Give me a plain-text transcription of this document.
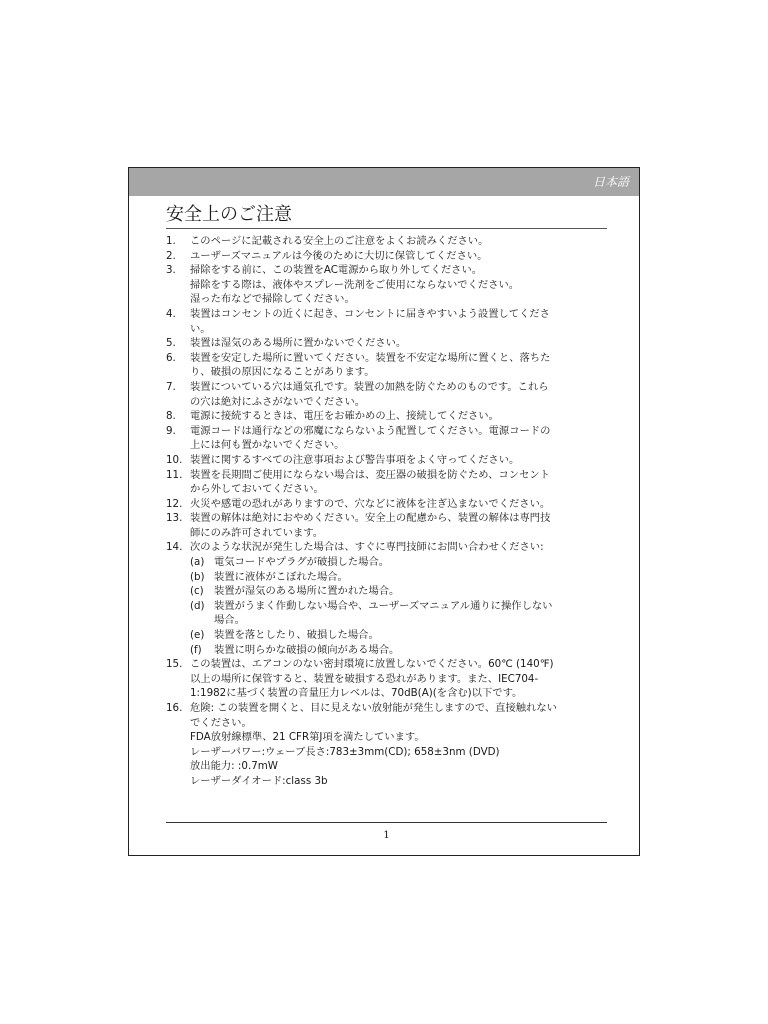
日本語
安全上のご注意
1.	このページに記載される安全上のご注意をよくお読みください。
2.	ユーザーズマニュアルは今後のために大切に保管してください。
3.	掃除をする前に、この装置をAC電源から取り外してください。
掃除をする際は、液体やスプレー洗剤をご使用にならないでください。
湿った布などで掃除してください。
4.	装置はコンセントの近くに起き、コンセントに届きやすいよう設置してくださ
い。
5.	装置は湿気のある場所に置かないでください。
6.	装置を安定した場所に置いてください。装置を不安定な場所に置くと、落ちた
り、破損の原因になることがあります。
7.	装置についている穴は通気孔です。装置の加熱を防ぐためのものです。これら
の穴は絶対にふさがないでください。
8.	電源に接続するときは、電圧をお確かめの上、接続してください。
9.	電源コードは通行などの邪魔にならないよう配置してください。電源コードの
上には何も置かないでください。
10. 装置に関するすべての注意事項および警告事項をよく守ってください。
11. 装置を長期間ご使用にならない場合は、変圧器の破損を防ぐため、コンセント
から外しておいてください。
12. 火災や感電の恐れがありますので、穴などに液体を注ぎ込まないでください。
13. 装置の解体は絶対におやめください。安全上の配慮から、装置の解体は専門技
師にのみ許可されています。
14. 次のような状況が発生した場合は、すぐに専門技師にお問い合わせください:
(a) 電気コードやプラグが破損した場合。
(b) 装置に液体がこぼれた場合。
(c) 装置が湿気のある場所に置かれた場合。
(d) 装置がうまく作動しない場合や、ユーザーズマニュアル通りに操作しない
場合。
(e) 装置を落としたり、破損した場合。
(f)	装置に明らかな破損の傾向がある場合。
15. この装置は、エアコンのない密封環境に放置しないでください。60℃ (140℉)
以上の場所に保管すると、装置を破損する恐れがあります。また、IEC704-
1:1982に基づく装置の音量圧力レベルは、70dB(A)(を含む)以下です。
16. 危険: この装置を開くと、目に見えない放射能が発生しますので、直接触れない
でください。
FDA放射線標準、21 CFR第J項を満たしています。
レーザーパワー:ウェーブ長さ:783±3mm(CD); 658±3nm (DVD)
放出能力: :0.7mW
レーザーダイオード:class 3b
1
